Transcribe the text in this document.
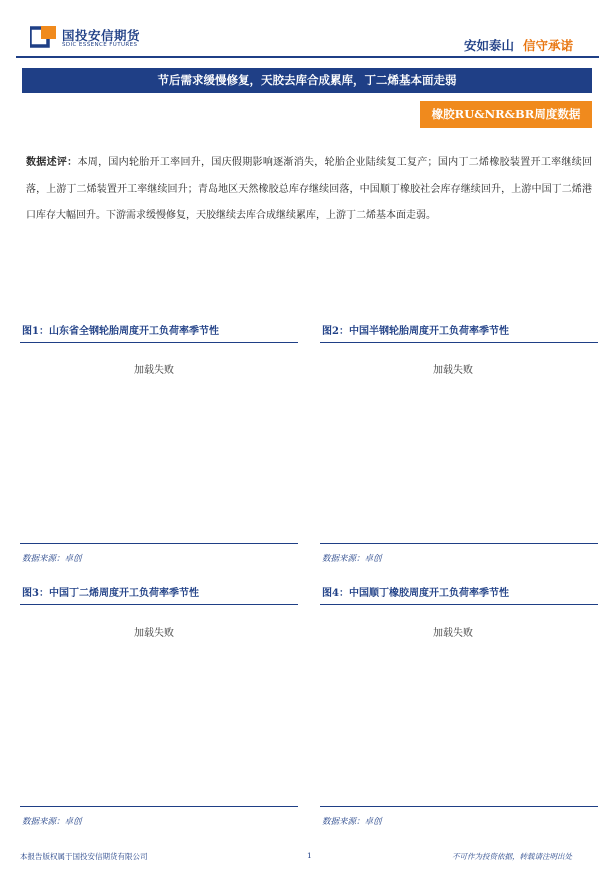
国投安信期货
SDIC ESSENCE FUTURES	安如泰山 信守承诺
节后需求缓慢修复，天胶去库合成累库，丁二烯基本面走弱
橡胶RU&NR&BR周度数据
数据述评：本周，国内轮胎开工率回升，国庆假期影响逐渐消失，轮胎企业陆续复工复产；国内丁二烯橡胶装置开工率继续回落，上游丁二烯装置开工率继续回升；青岛地区天然橡胶总库存继续回落，中国顺丁橡胶社会库存继续回升，上游中国丁二烯港口库存大幅回升。下游需求缓慢修复，天胶继续去库合成继续累库，上游丁二烯基本面走弱。
图1：山东省全钢轮胎周度开工负荷率季节性
加载失败
数据来源：卓创
图2：中国半钢轮胎周度开工负荷率季节性
加载失败
数据来源：卓创
图3：中国丁二烯周度开工负荷率季节性
加载失败
数据来源：卓创
图4：中国顺丁橡胶周度开工负荷率季节性
加载失败
数据来源：卓创
本报告版权属于国投安信期货有限公司	1	不可作为投资依据，转载请注明出处
